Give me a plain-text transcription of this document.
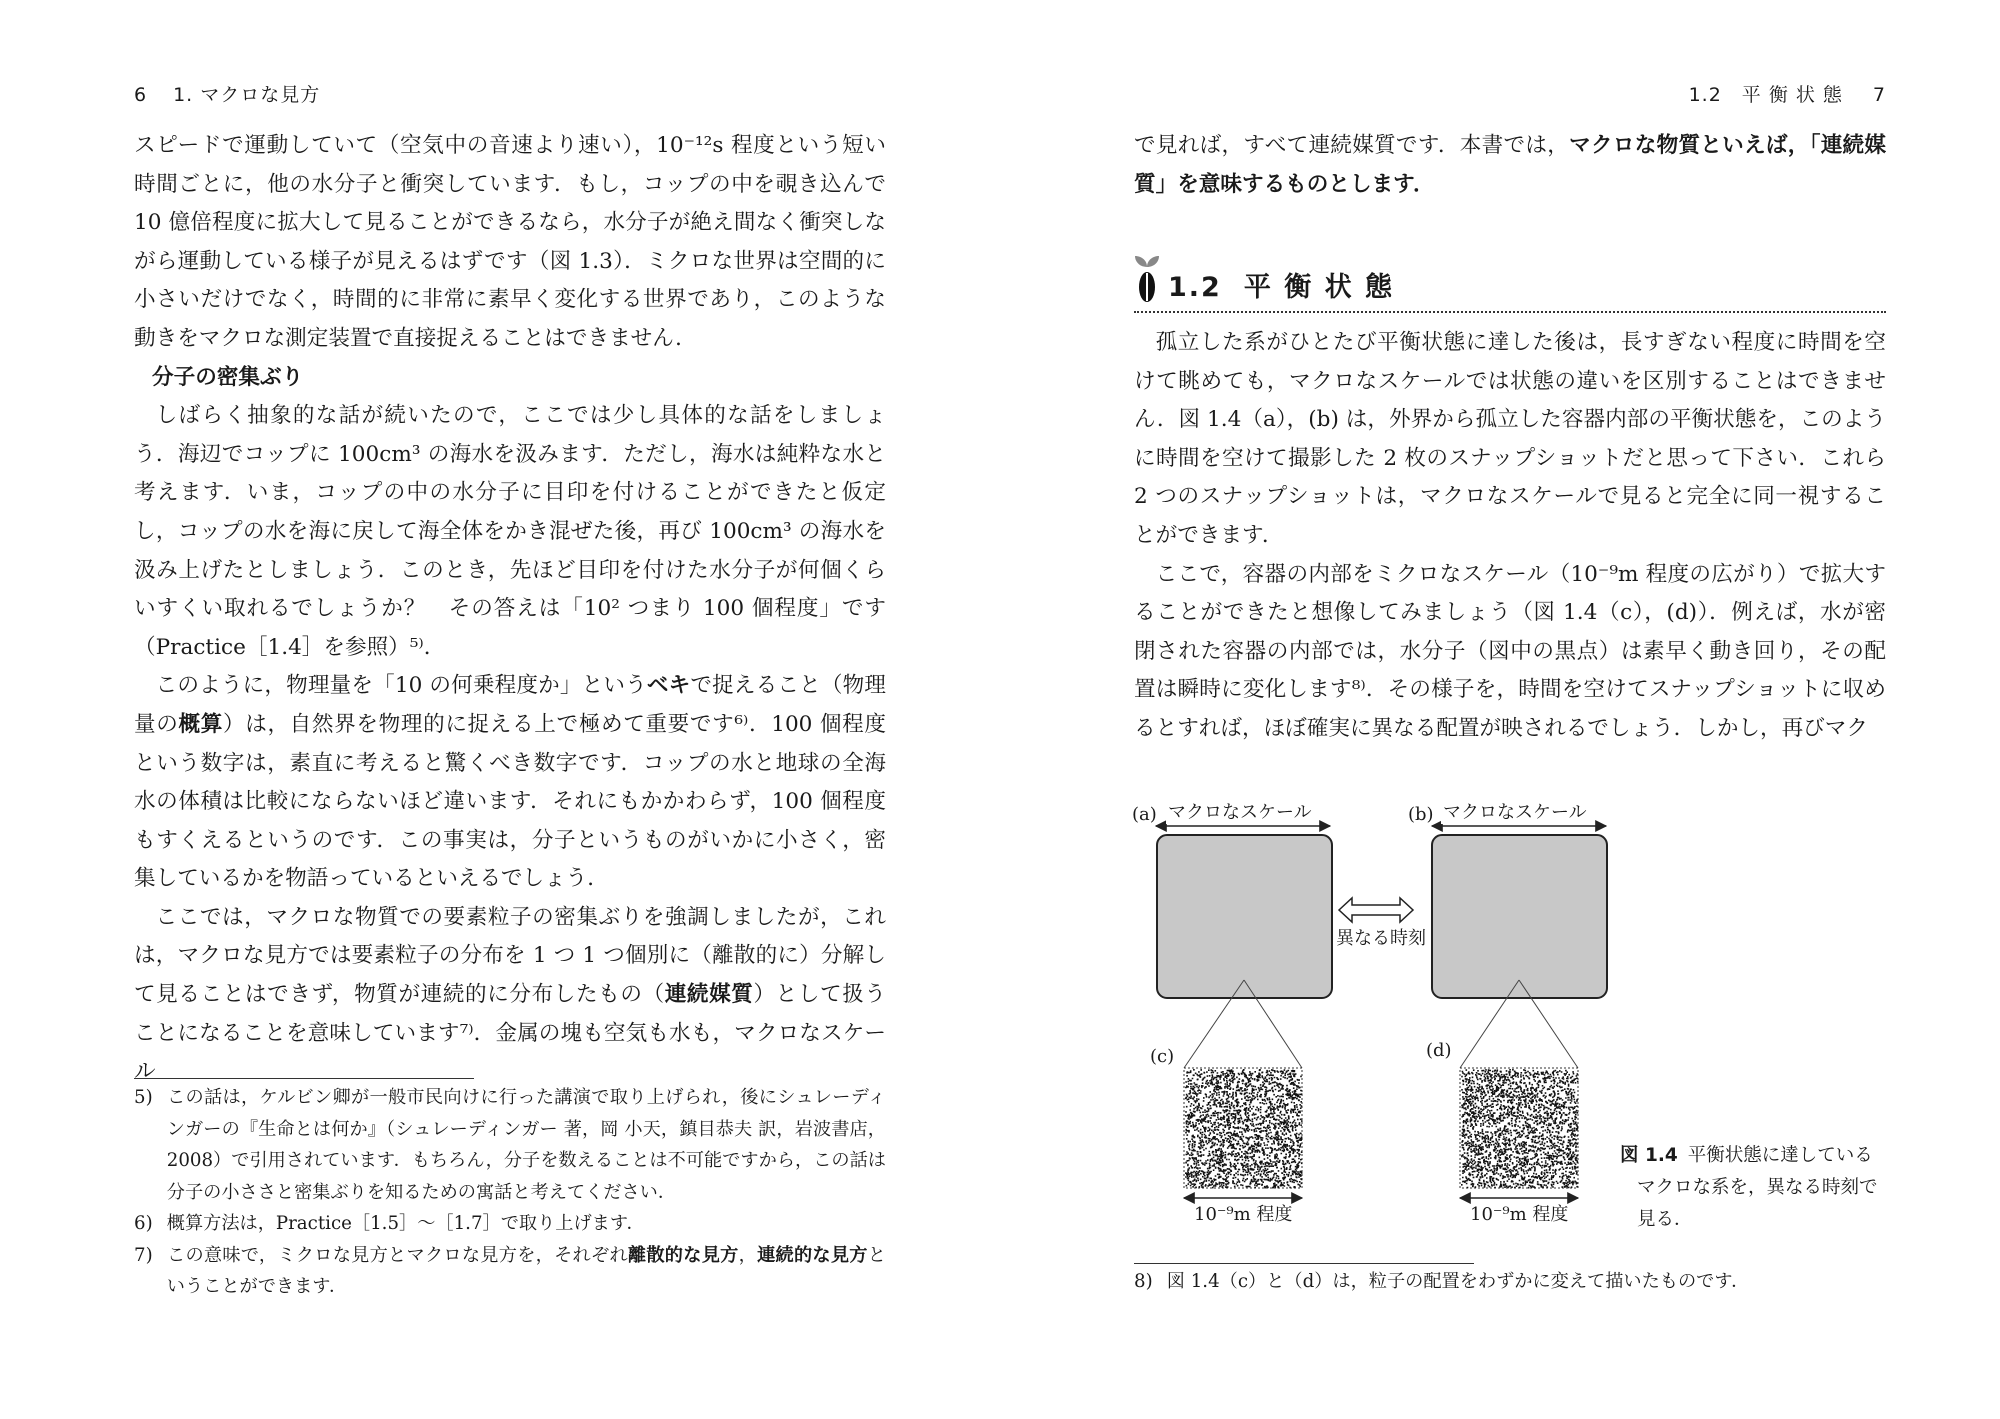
6 1. マクロな見方

スピードで運動していて（空気中の音速より速い），10⁻¹²s 程度という短い時間ごとに，他の水分子と衝突しています．もし，コップの中を覗き込んで 10 億倍程度に拡大して見ることができるなら，水分子が絶え間なく衝突しながら運動している様子が見えるはずです（図 1.3）．ミクロな世界は空間的に小さいだけでなく，時間的に非常に素早く変化する世界であり，このような動きをマクロな測定装置で直接捉えることはできません．

分子の密集ぶり

しばらく抽象的な話が続いたので，ここでは少し具体的な話をしましょう．海辺でコップに 100cm³ の海水を汲みます．ただし，海水は純粋な水と考えます．いま，コップの中の水分子に目印を付けることができたと仮定し，コップの水を海に戻して海全体をかき混ぜた後，再び 100cm³ の海水を汲み上げたとしましょう．このとき，先ほど目印を付けた水分子が何個くらいすくい取れるでしょうか？　その答えは「10² つまり 100 個程度」です（Practice［1.4］を参照）⁵⁾．

このように，物理量を「10 の何乗程度か」というベキで捉えること（物理量の概算）は，自然界を物理的に捉える上で極めて重要です⁶⁾．100 個程度という数字は，素直に考えると驚くべき数字です．コップの水と地球の全海水の体積は比較にならないほど違います．それにもかかわらず，100 個程度もすくえるというのです．この事実は，分子というものがいかに小さく，密集しているかを物語っているといえるでしょう．

ここでは，マクロな物質での要素粒子の密集ぶりを強調しましたが，これは，マクロな見方では要素粒子の分布を 1 つ 1 つ個別に（離散的に）分解して見ることはできず，物質が連続的に分布したもの（連続媒質）として扱うことになることを意味しています⁷⁾．金属の塊も空気も水も，マクロなスケール

5) この話は，ケルビン卿が一般市民向けに行った講演で取り上げられ，後にシュレーディンガーの『生命とは何か』（シュレーディンガー 著，岡 小天，鎮目恭夫 訳，岩波書店，2008）で引用されています．もちろん，分子を数えることは不可能ですから，この話は分子の小ささと密集ぶりを知るための寓話と考えてください．

6) 概算方法は，Practice［1.5］～［1.7］で取り上げます．

7) この意味で，ミクロな見方とマクロな見方を，それぞれ離散的な見方，連続的な見方ということができます．

1.2　平 衡 状 態 7

で見れば，すべて連続媒質です．本書では，マクロな物質といえば，「連続媒質」を意味するものとします．

1.2 平 衡 状 態

孤立した系がひとたび平衡状態に達した後は，長すぎない程度に時間を空けて眺めても，マクロなスケールでは状態の違いを区別することはできません．図 1.4（a），(b) は，外界から孤立した容器内部の平衡状態を，このように時間を空けて撮影した 2 枚のスナップショットだと思って下さい．これら 2 つのスナップショットは，マクロなスケールで見ると完全に同一視することができます．

ここで，容器の内部をミクロなスケール（10⁻⁹m 程度の広がり）で拡大することができたと想像してみましょう（図 1.4（c），(d)）．例えば，水が密閉された容器の内部では，水分子（図中の黒点）は素早く動き回り，その配置は瞬時に変化します⁸⁾．その様子を，時間を空けてスナップショットに収めるとすれば，ほぼ確実に異なる配置が映されるでしょう．しかし，再びマク

8) 図 1.4（c）と（d）は，粒子の配置をわずかに変えて描いたものです．

(a)	(b)
マクロなスケール	マクロなスケール
異なる時刻
(c)	(d)
10⁻⁹m 程度	10⁻⁹m 程度
図 1.4 平衡状態に達している
マクロな系を，異なる時刻で見る．
